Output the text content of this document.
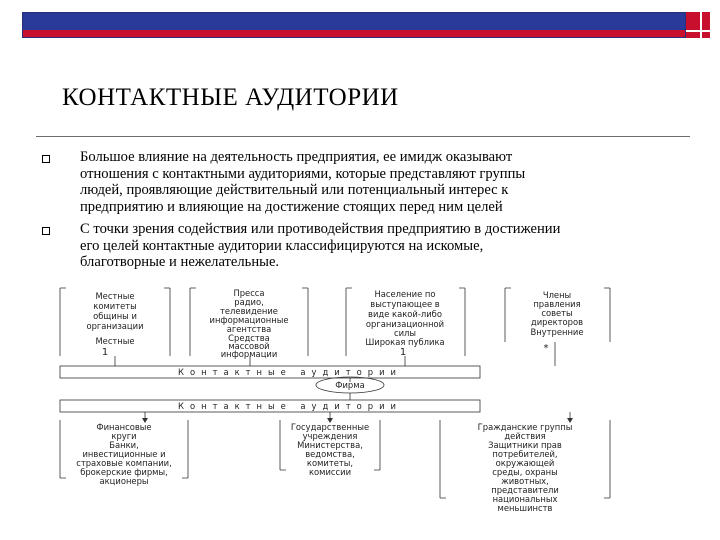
КОНТАКТНЫЕ АУДИТОРИИ
Большое влияние на деятельность предприятия, ее имидж оказывают
отношения с контактными аудиториями, которые представляют группы
людей, проявляющие действительный или потенциальный интерес к
предприятию и влияющие на достижение стоящих перед ним целей
С точки зрения содействия или противодействия предприятию в достижении
его целей контактные аудитории классифицируются на искомые,
благотворные и нежелательные.
Местные
комитеты
общины и
организации
Местные
1
Пресса
радио,
телевидение
информационные
агентства
Средства
массовой
информации
Население по
выступающее в
виде какой-либо
организационной
силы
Широкая публика
1
Члены
правления
советы
директоров
Внутренние
*
Контактные аудитории
Контактные аудитории
Фирма
Финансовые
круги
Банки,
инвестиционные и
страховые компании,
брокерские фирмы,
акционеры
Государственные
учреждения
Министерства,
ведомства,
комитеты,
комиссии
Гражданские группы
действия
Защитники прав
потребителей,
окружающей
среды, охраны
животных,
представители
национальных
меньшинств
